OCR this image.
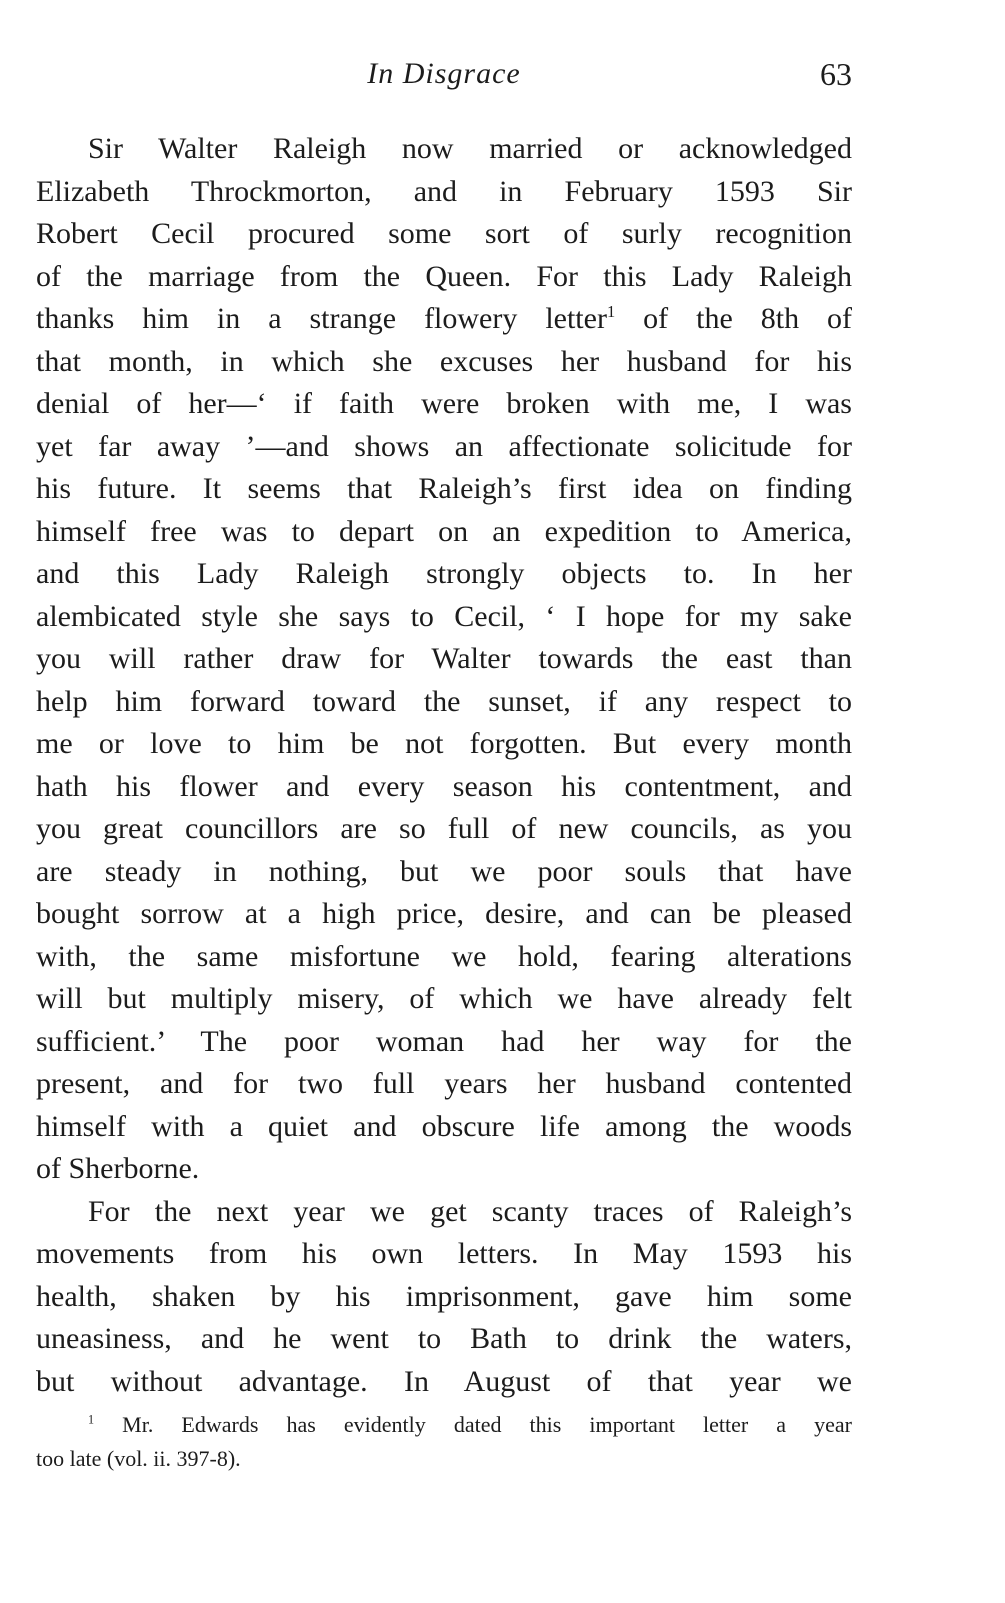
In Disgrace	63
Sir Walter Raleigh now married or acknowledged
Elizabeth Throckmorton, and in February 1593 Sir
Robert Cecil procured some sort of surly recognition
of the marriage from the Queen. For this Lady Raleigh
thanks him in a strange flowery letter$^1$ of the 8th of
that month, in which she excuses her husband for his
denial of her—‘ if faith were broken with me, I was
yet far away ’—and shows an affectionate solicitude for
his future. It seems that Raleigh’s first idea on finding
himself free was to depart on an expedition to America,
and this Lady Raleigh strongly objects to. In her
alembicated style she says to Cecil, ‘ I hope for my sake
you will rather draw for Walter towards the east than
help him forward toward the sunset, if any respect to
me or love to him be not forgotten. But every month
hath his flower and every season his contentment, and
you great councillors are so full of new councils, as you
are steady in nothing, but we poor souls that have
bought sorrow at a high price, desire, and can be pleased
with, the same misfortune we hold, fearing alterations
will but multiply misery, of which we have already felt
sufficient.’ The poor woman had her way for the
present, and for two full years her husband contented
himself with a quiet and obscure life among the woods
of Sherborne.
For the next year we get scanty traces of Raleigh’s
movements from his own letters. In May 1593 his
health, shaken by his imprisonment, gave him some
uneasiness, and he went to Bath to drink the waters,
but without advantage. In August of that year we
$^1$ Mr. Edwards has evidently dated this important letter a year
too late (vol. ii. 397-8).
